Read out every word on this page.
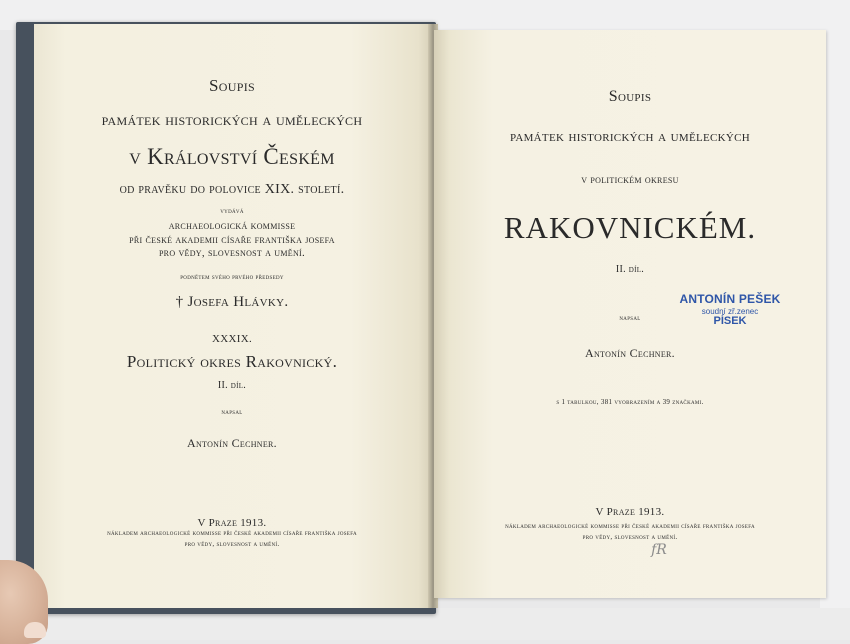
Soupis
památek historických a uměleckých
v Království Českém
od pravěku do polovice XIX. století.
vydává
archaeologická kommisse
při české akademii císaře františka josefa
pro vědy, slovesnost a umění.
podnětem svého prvého předsedy
† Josefa Hlávky.
XXXIX.
Politický okres Rakovnický.
II. díl.
napsal
Antonín Cechner.
V Praze 1913.
nákladem archaeologické kommisse při české akademii císaře františka josefa
pro vědy, slovesnost a umění.
Soupis
památek historických a uměleckých
v politickém okresu
RAKOVNICKÉM.
II. díl.
napsal
Antonín Cechner.
s 1 tabulkou, 381 vyobrazením a 39 značkami.
V Praze 1913.
nákladem archaeologické kommisse při české akademii císaře františka josefa
pro vědy, slovesnost a umění.
ANTONÍN PEŠEK
soudní zř.zenec
PÍSEK
fR
